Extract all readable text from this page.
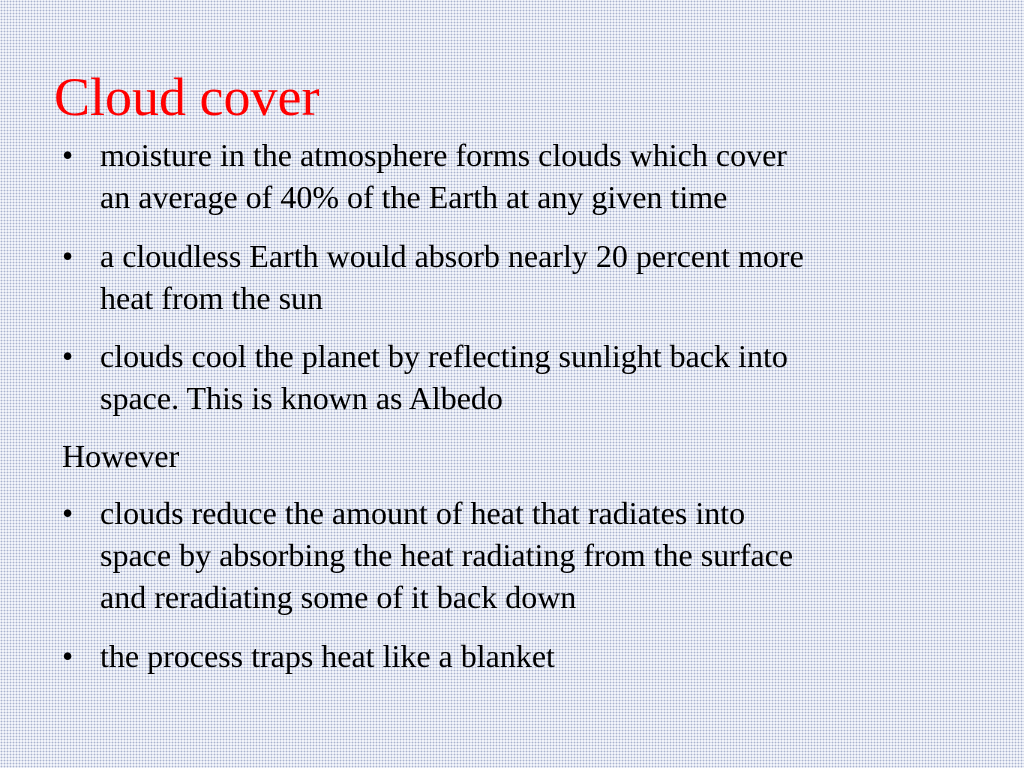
Cloud cover
• moisture in the atmosphere forms clouds which cover
an average of 40% of the Earth at any given time
• a cloudless Earth would absorb nearly 20 percent more
heat from the sun
• clouds cool the planet by reflecting sunlight back into
space. This is known as Albedo
However
• clouds reduce the amount of heat that radiates into
space by absorbing the heat radiating from the surface
and reradiating some of it back down
• the process traps heat like a blanket
